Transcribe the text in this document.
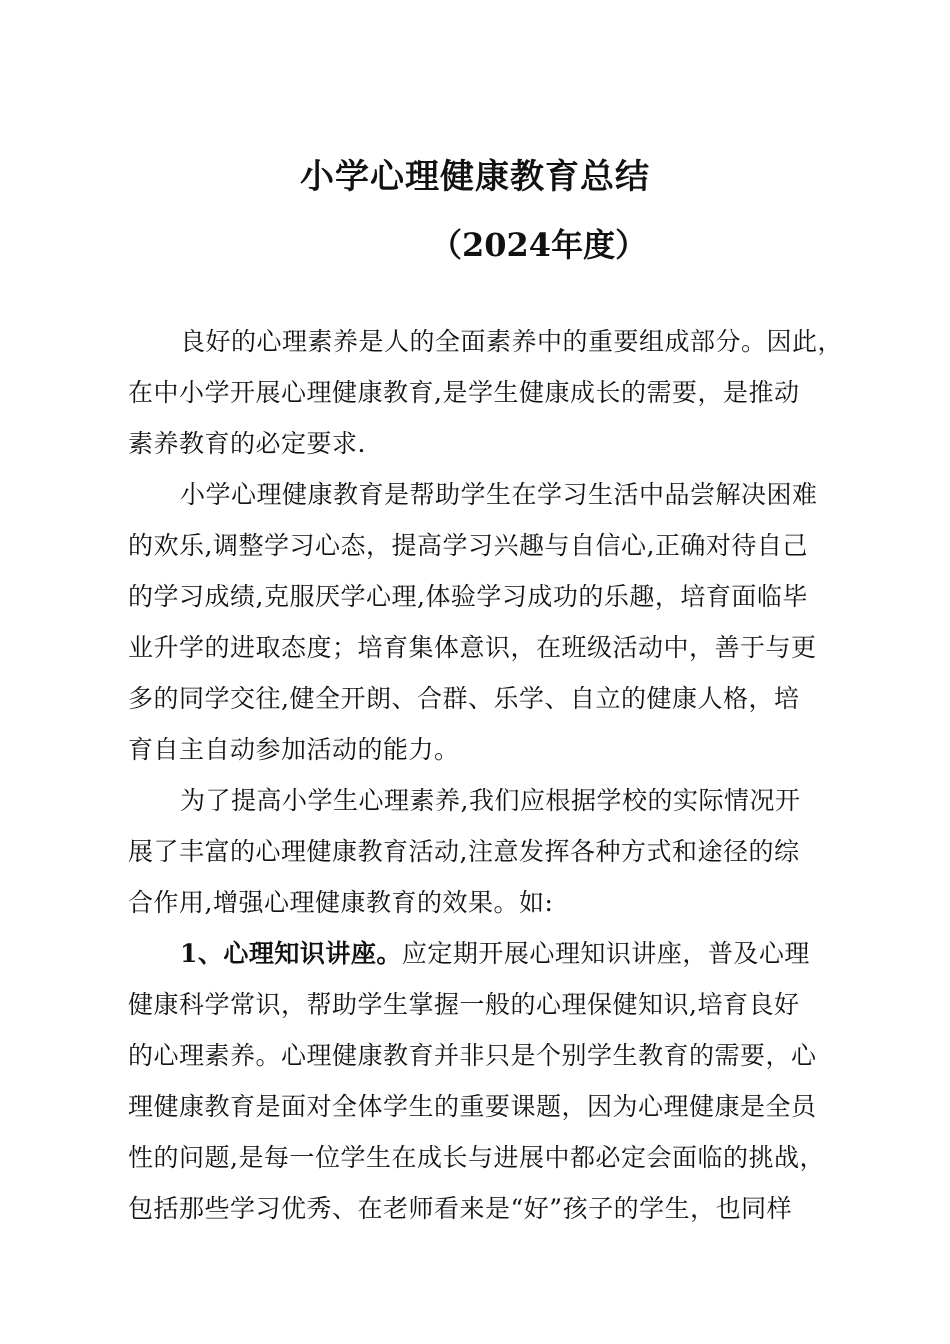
小学心理健康教育总结
（2024年度）
良好的心理素养是人的全面素养中的重要组成部分。因此，
在中小学开展心理健康教育,是学生健康成长的需要，是推动
素养教育的必定要求.
小学心理健康教育是帮助学生在学习生活中品尝解决困难
的欢乐,调整学习心态，提高学习兴趣与自信心,正确对待自己
的学习成绩,克服厌学心理,体验学习成功的乐趣，培育面临毕
业升学的进取态度；培育集体意识，在班级活动中，善于与更
多的同学交往,健全开朗、合群、乐学、自立的健康人格，培
育自主自动参加活动的能力。
为了提高小学生心理素养,我们应根据学校的实际情况开
展了丰富的心理健康教育活动,注意发挥各种方式和途径的综
合作用,增强心理健康教育的效果。如:
1、心理知识讲座。应定期开展心理知识讲座，普及心理
健康科学常识，帮助学生掌握一般的心理保健知识,培育良好
的心理素养。心理健康教育并非只是个别学生教育的需要，心
理健康教育是面对全体学生的重要课题，因为心理健康是全员
性的问题,是每一位学生在成长与进展中都必定会面临的挑战，
包括那些学习优秀、在老师看来是“好”孩子的学生，也同样
